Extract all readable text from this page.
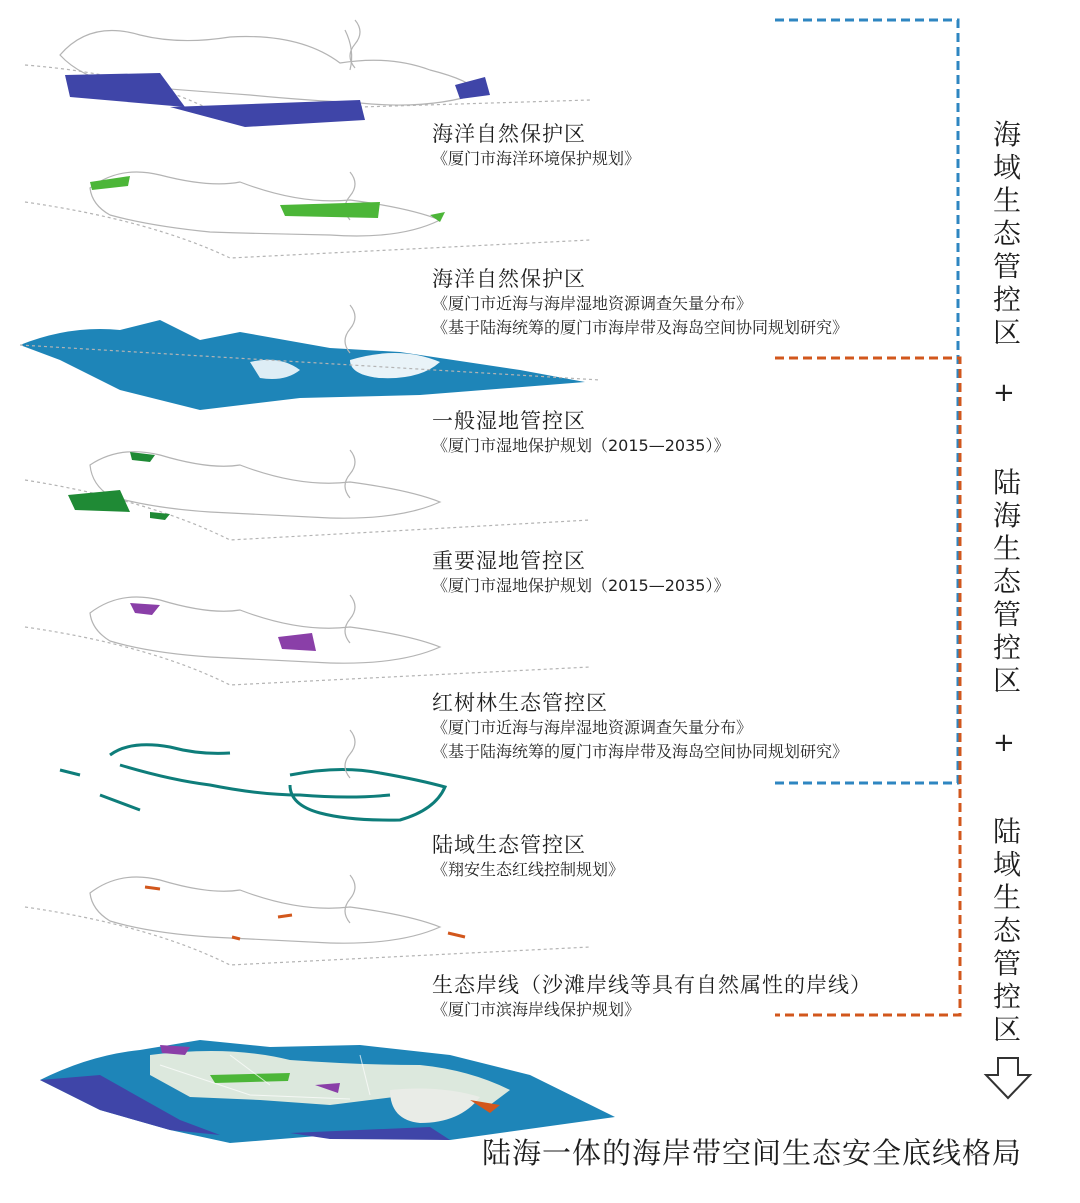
海洋自然保护区
《厦门市海洋环境保护规划》
海洋自然保护区
《厦门市近海与海岸湿地资源调查矢量分布》
《基于陆海统筹的厦门市海岸带及海岛空间协同规划研究》
一般湿地管控区
《厦门市湿地保护规划（2015—2035）》
重要湿地管控区
《厦门市湿地保护规划（2015—2035）》
红树林生态管控区
《厦门市近海与海岸湿地资源调查矢量分布》
《基于陆海统筹的厦门市海岸带及海岛空间协同规划研究》
陆域生态管控区
《翔安生态红线控制规划》
生态岸线（沙滩岸线等具有自然属性的岸线）
《厦门市滨海岸线保护规划》
海域生态管控区
+
陆海生态管控区
+
陆域生态管控区
陆海一体的海岸带空间生态安全底线格局
